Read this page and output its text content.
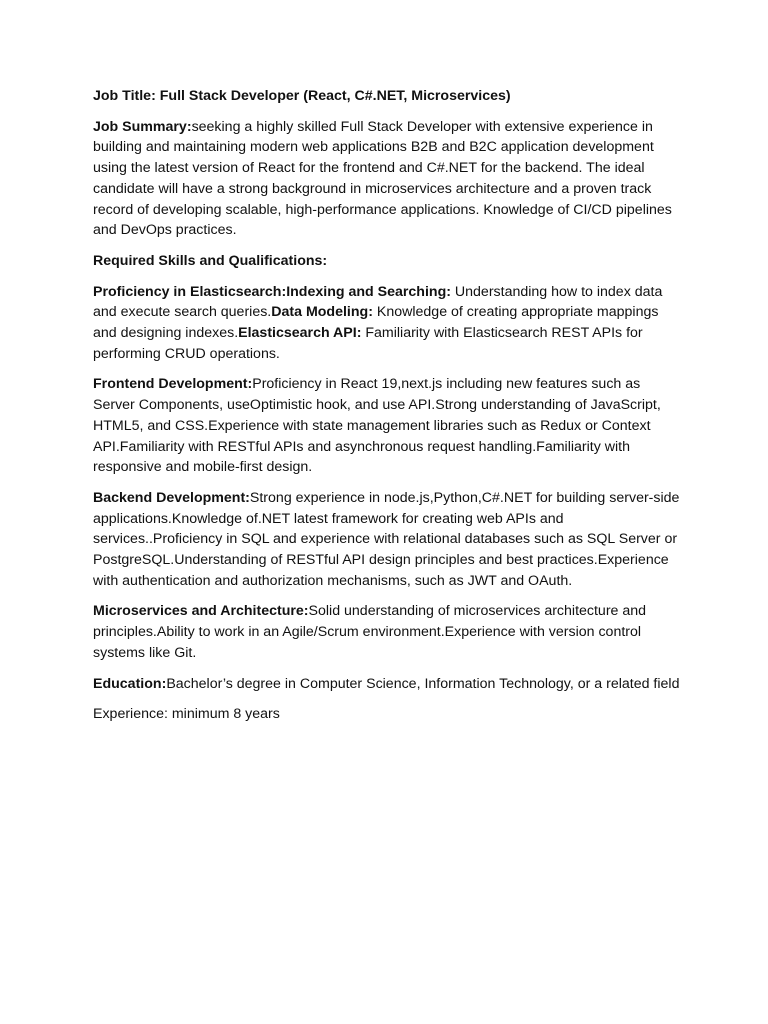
Job Title: Full Stack Developer (React, C#.NET, Microservices)

Job Summary:seeking a highly skilled Full Stack Developer with extensive experience in building and maintaining modern web applications B2B and B2C application development using the latest version of React for the frontend and C#.NET for the backend. The ideal candidate will have a strong background in microservices architecture and a proven track record of developing scalable, high-performance applications. Knowledge of CI/CD pipelines and DevOps practices.

Required Skills and Qualifications:

Proficiency in Elasticsearch:Indexing and Searching: Understanding how to index data and execute search queries.Data Modeling: Knowledge of creating appropriate mappings and designing indexes.Elasticsearch API: Familiarity with Elasticsearch REST APIs for performing CRUD operations.

Frontend Development:Proficiency in React 19,next.js including new features such as Server Components, useOptimistic hook, and use API.Strong understanding of JavaScript, HTML5, and CSS.Experience with state management libraries such as Redux or Context API.Familiarity with RESTful APIs and asynchronous request handling.Familiarity with responsive and mobile-first design.

Backend Development:Strong experience in node.js,Python,C#.NET for building server-side applications.Knowledge of.NET latest framework for creating web APIs and services..Proficiency in SQL and experience with relational databases such as SQL Server or PostgreSQL.Understanding of RESTful API design principles and best practices.Experience with authentication and authorization mechanisms, such as JWT and OAuth.

Microservices and Architecture:Solid understanding of microservices architecture and principles.Ability to work in an Agile/Scrum environment.Experience with version control systems like Git.

Education:Bachelor’s degree in Computer Science, Information Technology, or a related field

Experience: minimum 8 years
